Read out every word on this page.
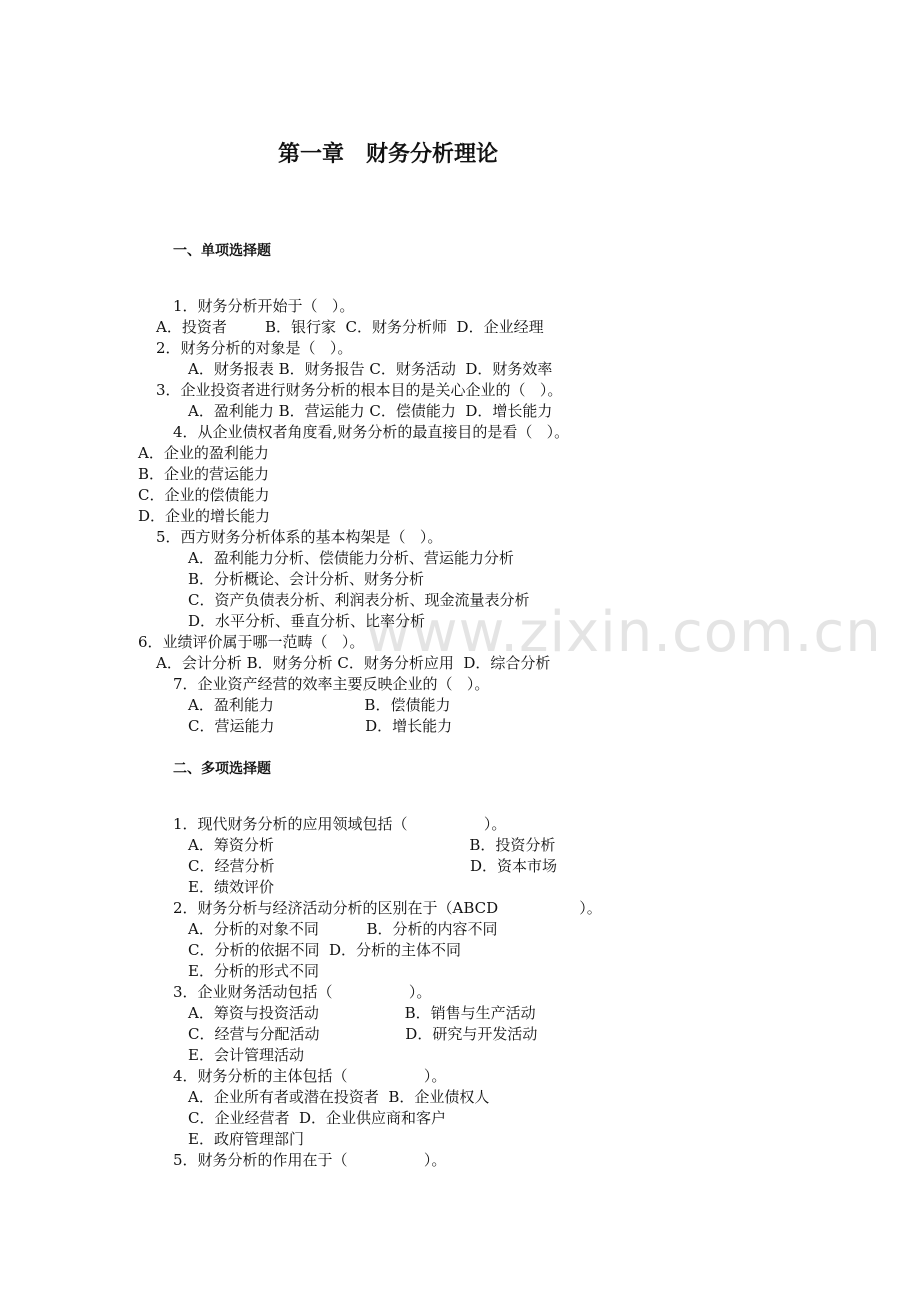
www.zixin.com.cn
第一章　财务分析理论
一、单项选择题
1．财务分析开始于（   ）。
A．投资者        B．银行家  C．财务分析师  D．企业经理
2．财务分析的对象是（   ）。
A．财务报表 B．财务报告 C．财务活动  D．财务效率
3．企业投资者进行财务分析的根本目的是关心企业的（   ）。
A．盈利能力 B．营运能力 C．偿债能力  D．增长能力
4．从企业债权者角度看,财务分析的最直接目的是看（   ）。
A．企业的盈利能力
B．企业的营运能力
C．企业的偿债能力
D．企业的增长能力
5．西方财务分析体系的基本构架是（   ）。
A．盈利能力分析、偿债能力分析、营运能力分析
B．分析概论、会计分析、财务分析
C．资产负债表分析、利润表分析、现金流量表分析
D．水平分析、垂直分析、比率分析
6．业绩评价属于哪一范畴（   ）。
A．会计分析 B．财务分析 C．财务分析应用  D．综合分析
7．企业资产经营的效率主要反映企业的（   ）。
A．盈利能力                   B．偿债能力
C．营运能力                   D．增长能力
二、多项选择题
1．现代财务分析的应用领域包括（                ）。
A．筹资分析                                         B．投资分析
C．经营分析                                         D．资本市场
E．绩效评价
2．财务分析与经济活动分析的区别在于（ABCD                 ）。
A．分析的对象不同          B．分析的内容不同
C．分析的依据不同  D．分析的主体不同
E．分析的形式不同
3．企业财务活动包括（                ）。
A．筹资与投资活动                  B．销售与生产活动
C．经营与分配活动                  D．研究与开发活动
E．会计管理活动
4．财务分析的主体包括（                ）。
A．企业所有者或潜在投资者  B．企业债权人
C．企业经营者  D．企业供应商和客户
E．政府管理部门
5．财务分析的作用在于（                ）。
